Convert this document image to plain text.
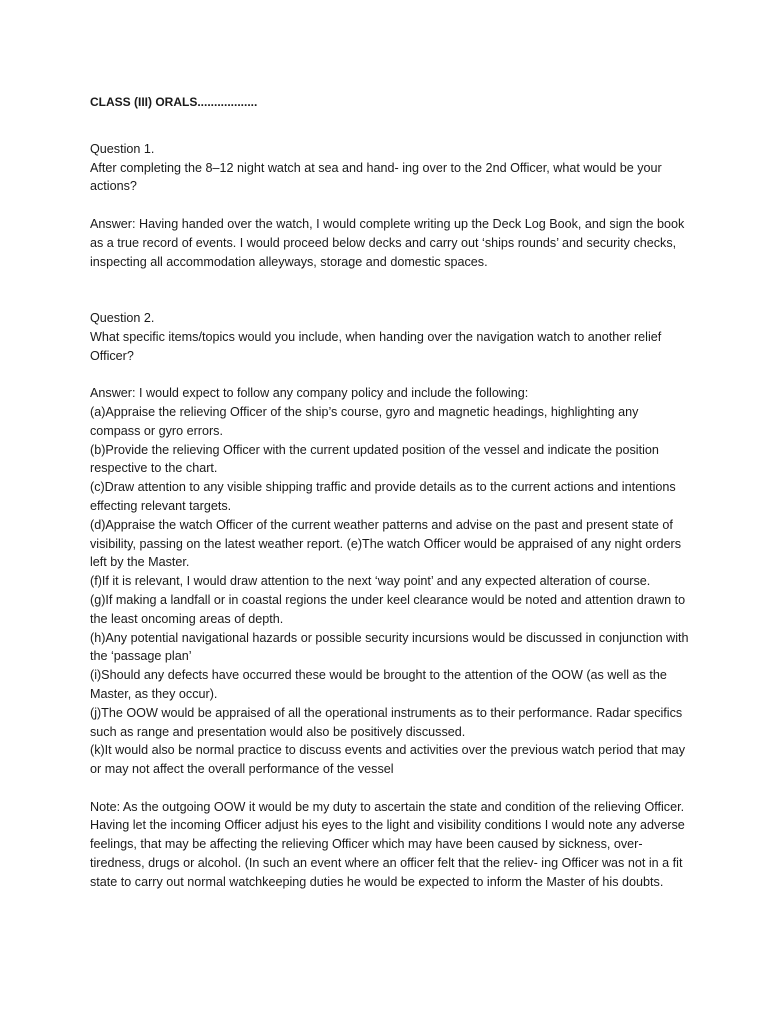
CLASS (III) ORALS..................

Question 1.

After completing the 8–12 night watch at sea and hand- ing over to the 2nd Officer, what would be your actions?

Answer: Having handed over the watch, I would complete writing up the Deck Log Book, and sign the book as a true record of events. I would proceed below decks and carry out ‘ships rounds’ and security checks, inspecting all accommodation alleyways, storage and domestic spaces.

Question 2.

What specific items/topics would you include, when handing over the navigation watch to another relief Officer?

Answer: I would expect to follow any company policy and include the following:

(a)Appraise the relieving Officer of the ship’s course, gyro and magnetic headings, highlighting any compass or gyro errors.
(b)Provide the relieving Officer with the current updated position of the vessel and indicate the position respective to the chart.
(c)Draw attention to any visible shipping traffic and provide details as to the current actions and intentions effecting relevant targets.
(d)Appraise the watch Officer of the current weather patterns and advise on the past and present state of visibility, passing on the latest weather report. (e)The watch Officer would be appraised of any night orders left by the Master.
(f)If it is relevant, I would draw attention to the next ‘way point’ and any expected alteration of course.
(g)If making a landfall or in coastal regions the under keel clearance would be noted and attention drawn to the least oncoming areas of depth.
(h)Any potential navigational hazards or possible security incursions would be discussed in conjunction with the ‘passage plan’
(i)Should any defects have occurred these would be brought to the attention of the OOW (as well as the Master, as they occur).
(j)The OOW would be appraised of all the operational instruments as to their performance. Radar specifics such as range and presentation would also be positively discussed.
(k)It would also be normal practice to discuss events and activities over the previous watch period that may or may not affect the overall performance of the vessel

Note: As the outgoing OOW it would be my duty to ascertain the state and condition of the relieving Officer. Having let the incoming Officer adjust his eyes to the light and visibility conditions I would note any adverse feelings, that may be affecting the relieving Officer which may have been caused by sickness, over- tiredness, drugs or alcohol. (In such an event where an officer felt that the reliev- ing Officer was not in a fit state to carry out normal watchkeeping duties he would be expected to inform the Master of his doubts.
